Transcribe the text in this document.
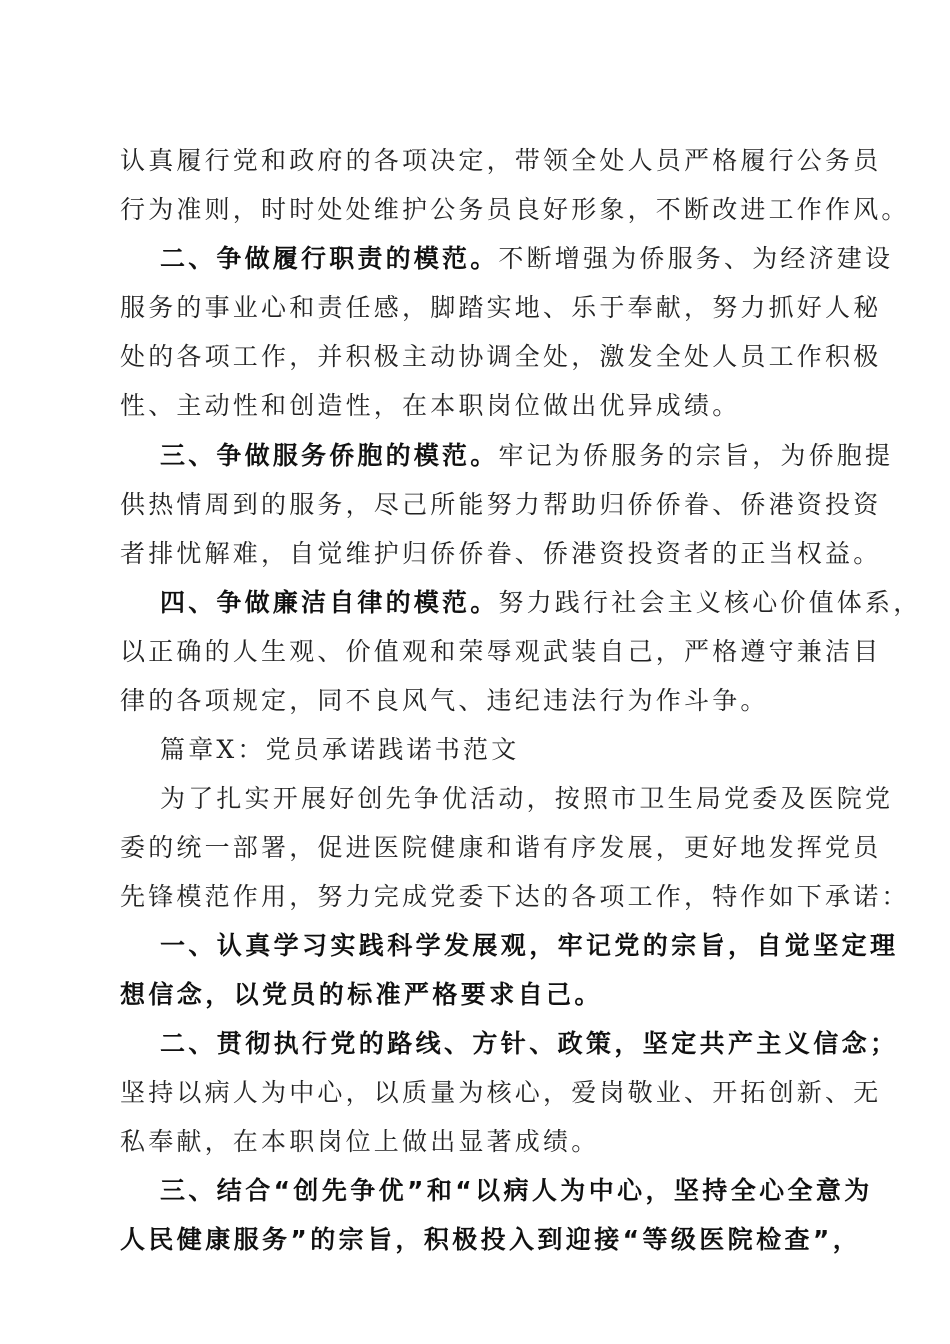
认真履行党和政府的各项决定，带领全处人员严格履行公务员

行为准则，时时处处维护公务员良好形象，不断改进工作作风。

二、争做履行职责的模范。不断增强为侨服务、为经济建设

服务的事业心和责任感，脚踏实地、乐于奉献，努力抓好人秘

处的各项工作，并积极主动协调全处，激发全处人员工作积极

性、主动性和创造性，在本职岗位做出优异成绩。

三、争做服务侨胞的模范。牢记为侨服务的宗旨，为侨胞提

供热情周到的服务，尽己所能努力帮助归侨侨眷、侨港资投资

者排忧解难，自觉维护归侨侨眷、侨港资投资者的正当权益。

四、争做廉洁自律的模范。努力践行社会主义核心价值体系，

以正确的人生观、价值观和荣辱观武装自己，严格遵守兼洁目

律的各项规定，同不良风气、违纪违法行为作斗争。

篇章X：党员承诺践诺书范文

为了扎实开展好创先争优活动，按照市卫生局党委及医院党

委的统一部署，促进医院健康和谐有序发展，更好地发挥党员

先锋模范作用，努力完成党委下达的各项工作，特作如下承诺：

一、认真学习实践科学发展观，牢记党的宗旨，自觉坚定理

想信念，以党员的标准严格要求自己。

二、贯彻执行党的路线、方针、政策，坚定共产主义信念；

坚持以病人为中心，以质量为核心，爱岗敬业、开拓创新、无

私奉献，在本职岗位上做出显著成绩。

三、结合“创先争优”和“以病人为中心，坚持全心全意为

人民健康服务”的宗旨，积极投入到迎接“等级医院检查”，
